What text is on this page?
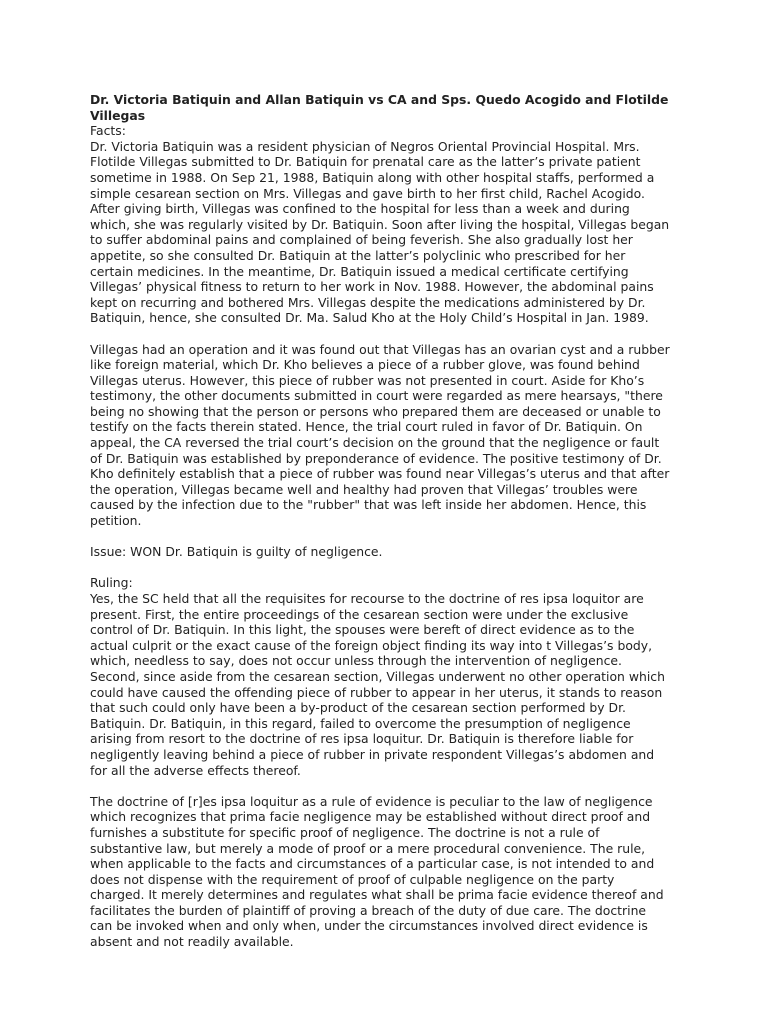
Dr. Victoria Batiquin and Allan Batiquin vs CA and Sps. Quedo Acogido and Flotilde
Villegas
Facts:
Dr. Victoria Batiquin was a resident physician of Negros Oriental Provincial Hospital. Mrs.
Flotilde Villegas submitted to Dr. Batiquin for prenatal care as the latter’s private patient
sometime in 1988. On Sep 21, 1988, Batiquin along with other hospital staffs, performed a
simple cesarean section on Mrs. Villegas and gave birth to her first child, Rachel Acogido.
After giving birth, Villegas was confined to the hospital for less than a week and during
which, she was regularly visited by Dr. Batiquin. Soon after living the hospital, Villegas began
to suffer abdominal pains and complained of being feverish. She also gradually lost her
appetite, so she consulted Dr. Batiquin at the latter’s polyclinic who prescribed for her
certain medicines. In the meantime, Dr. Batiquin issued a medical certificate certifying
Villegas’ physical fitness to return to her work in Nov. 1988. However, the abdominal pains
kept on recurring and bothered Mrs. Villegas despite the medications administered by Dr.
Batiquin, hence, she consulted Dr. Ma. Salud Kho at the Holy Child’s Hospital in Jan. 1989.
Villegas had an operation and it was found out that Villegas has an ovarian cyst and a rubber
like foreign material, which Dr. Kho believes a piece of a rubber glove, was found behind
Villegas uterus. However, this piece of rubber was not presented in court. Aside for Kho’s
testimony, the other documents submitted in court were regarded as mere hearsays, "there
being no showing that the person or persons who prepared them are deceased or unable to
testify on the facts therein stated. Hence, the trial court ruled in favor of Dr. Batiquin. On
appeal, the CA reversed the trial court’s decision on the ground that the negligence or fault
of Dr. Batiquin was established by preponderance of evidence. The positive testimony of Dr.
Kho definitely establish that a piece of rubber was found near Villegas’s uterus and that after
the operation, Villegas became well and healthy had proven that Villegas’ troubles were
caused by the infection due to the "rubber" that was left inside her abdomen. Hence, this
petition.
Issue: WON Dr. Batiquin is guilty of negligence.
Ruling:
Yes, the SC held that all the requisites for recourse to the doctrine of res ipsa loquitor are
present. First, the entire proceedings of the cesarean section were under the exclusive
control of Dr. Batiquin. In this light, the spouses were bereft of direct evidence as to the
actual culprit or the exact cause of the foreign object finding its way into t Villegas’s body,
which, needless to say, does not occur unless through the intervention of negligence.
Second, since aside from the cesarean section, Villegas underwent no other operation which
could have caused the offending piece of rubber to appear in her uterus, it stands to reason
that such could only have been a by-product of the cesarean section performed by Dr.
Batiquin. Dr. Batiquin, in this regard, failed to overcome the presumption of negligence
arising from resort to the doctrine of res ipsa loquitur. Dr. Batiquin is therefore liable for
negligently leaving behind a piece of rubber in private respondent Villegas’s abdomen and
for all the adverse effects thereof.
The doctrine of [r]es ipsa loquitur as a rule of evidence is peculiar to the law of negligence
which recognizes that prima facie negligence may be established without direct proof and
furnishes a substitute for specific proof of negligence. The doctrine is not a rule of
substantive law, but merely a mode of proof or a mere procedural convenience. The rule,
when applicable to the facts and circumstances of a particular case, is not intended to and
does not dispense with the requirement of proof of culpable negligence on the party
charged. It merely determines and regulates what shall be prima facie evidence thereof and
facilitates the burden of plaintiff of proving a breach of the duty of due care. The doctrine
can be invoked when and only when, under the circumstances involved direct evidence is
absent and not readily available.
